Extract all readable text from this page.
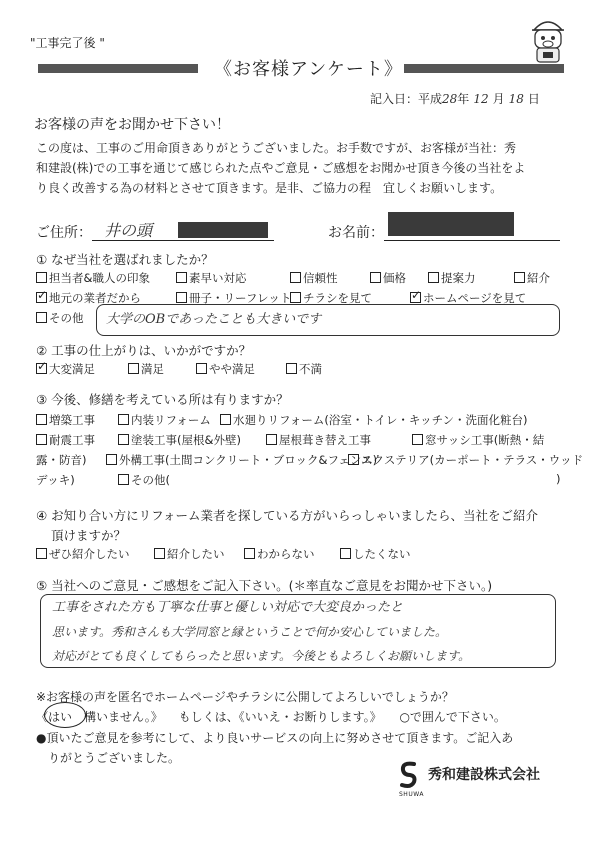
"工事完了後 "
《お客様アンケート》
記入日：平成28年 12 月 18 日
お客様の声をお聞かせ下さい！
この度は、工事のご用命頂きありがとうございました。お手数ですが、お客様が当社：秀
和建設(株)での工事を通じて感じられた点やご意見・ご感想をお聞かせ頂き今後の当社をよ
り良く改善する為の材料とさせて頂きます。是非、ご協力の程　宜しくお願いします。
ご住所： 井の頭	お名前：
① なぜ当社を選ばれましたか？
担当者&職人の印象	素早い対応	信頼性	価格	提案力	紹介
✓地元の業者だから	冊子・リーフレット	チラシを見て
✓	ホームページを見て
その他 大学のOBであったことも大きいです
② 工事の仕上がりは、いかがですか？
✓大変満足	満足	やや満足	不満
③ 今後、修繕を考えている所は有りますか？
増築工事	内装リフォーム	水廻りリフォーム(浴室・トイレ・キッチン・洗面化粧台)
耐震工事	塗装工事(屋根&外壁)	屋根葺き替え工事	窓サッシ工事(断熱・結
露・防音)	外構工事(土間コンクリート・ブロック&フェンス)
エクステリア(カーポート・テラス・ウッド
デッキ)	その他(	)
④ お知り合い方にリフォーム業者を探している方がいらっしゃいましたら、当社をご紹介
頂けますか？
ぜひ紹介したい	紹介したい	わからない	したくない
⑤ 当社へのご意見・ご感想をご記入下さい。(＊率直なご意見をお聞かせ下さい。)
工事をされた方も丁寧な仕事と優しい対応で大変良かったと
思います。秀和さんも大学同窓と縁ということで何か安心していました。
対応がとても良くしてもらったと思います。今後ともよろしくお願いします。
※お客様の声を匿名でホームページやチラシに公開してよろしいでしょうか？
《はい　構いません。》 もしくは、《いいえ・お断りします。》 ○で囲んで下さい。
●頂いたご意見を参考にして、より良いサービスの向上に努めさせて頂きます。ご記入あ
りがとうございました。
SHUWA
秀和建設株式会社
